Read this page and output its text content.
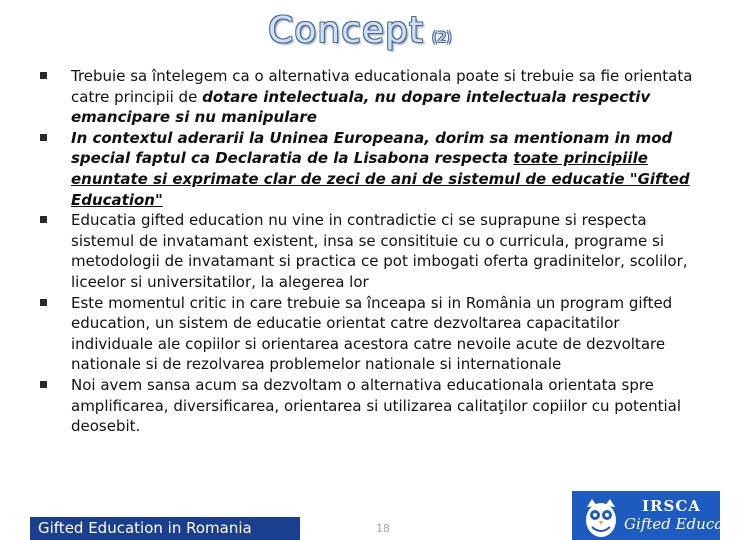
Concept (2)
Trebuie sa întelegem ca o alternativa educationala poate si trebuie sa fie orientata catre principii de dotare intelectuala, nu dopare intelectuala respectiv emancipare si nu manipulare
In contextul aderarii la Uninea Europeana, dorim sa mentionam in mod special faptul ca Declaratia de la Lisabona respecta toate principiile enuntate si exprimate clar de zeci de ani de sistemul de educatie "Gifted Education"
Educatia gifted education nu vine in contradictie ci se suprapune si respecta sistemul de invatamant existent, insa se consitituie cu o curricula, programe si metodologii de invatamant si practica ce pot imbogati oferta gradinitelor, scolilor, liceelor si universitatilor, la alegerea lor
Este momentul critic in care trebuie sa înceapa si in România un program gifted education, un sistem de educatie orientat catre dezvoltarea capacitatilor individuale ale copiilor si orientarea acestora catre nevoile acute de dezvoltare nationale si de rezolvarea problemelor nationale si internationale
Noi avem sansa acum sa dezvoltam o alternativa educationala orientata spre amplificarea, diversificarea, orientarea si utilizarea calitaţilor copiilor cu potential deosebit.
Gifted Education in Romania	18
IRSCA
Gifted Education
